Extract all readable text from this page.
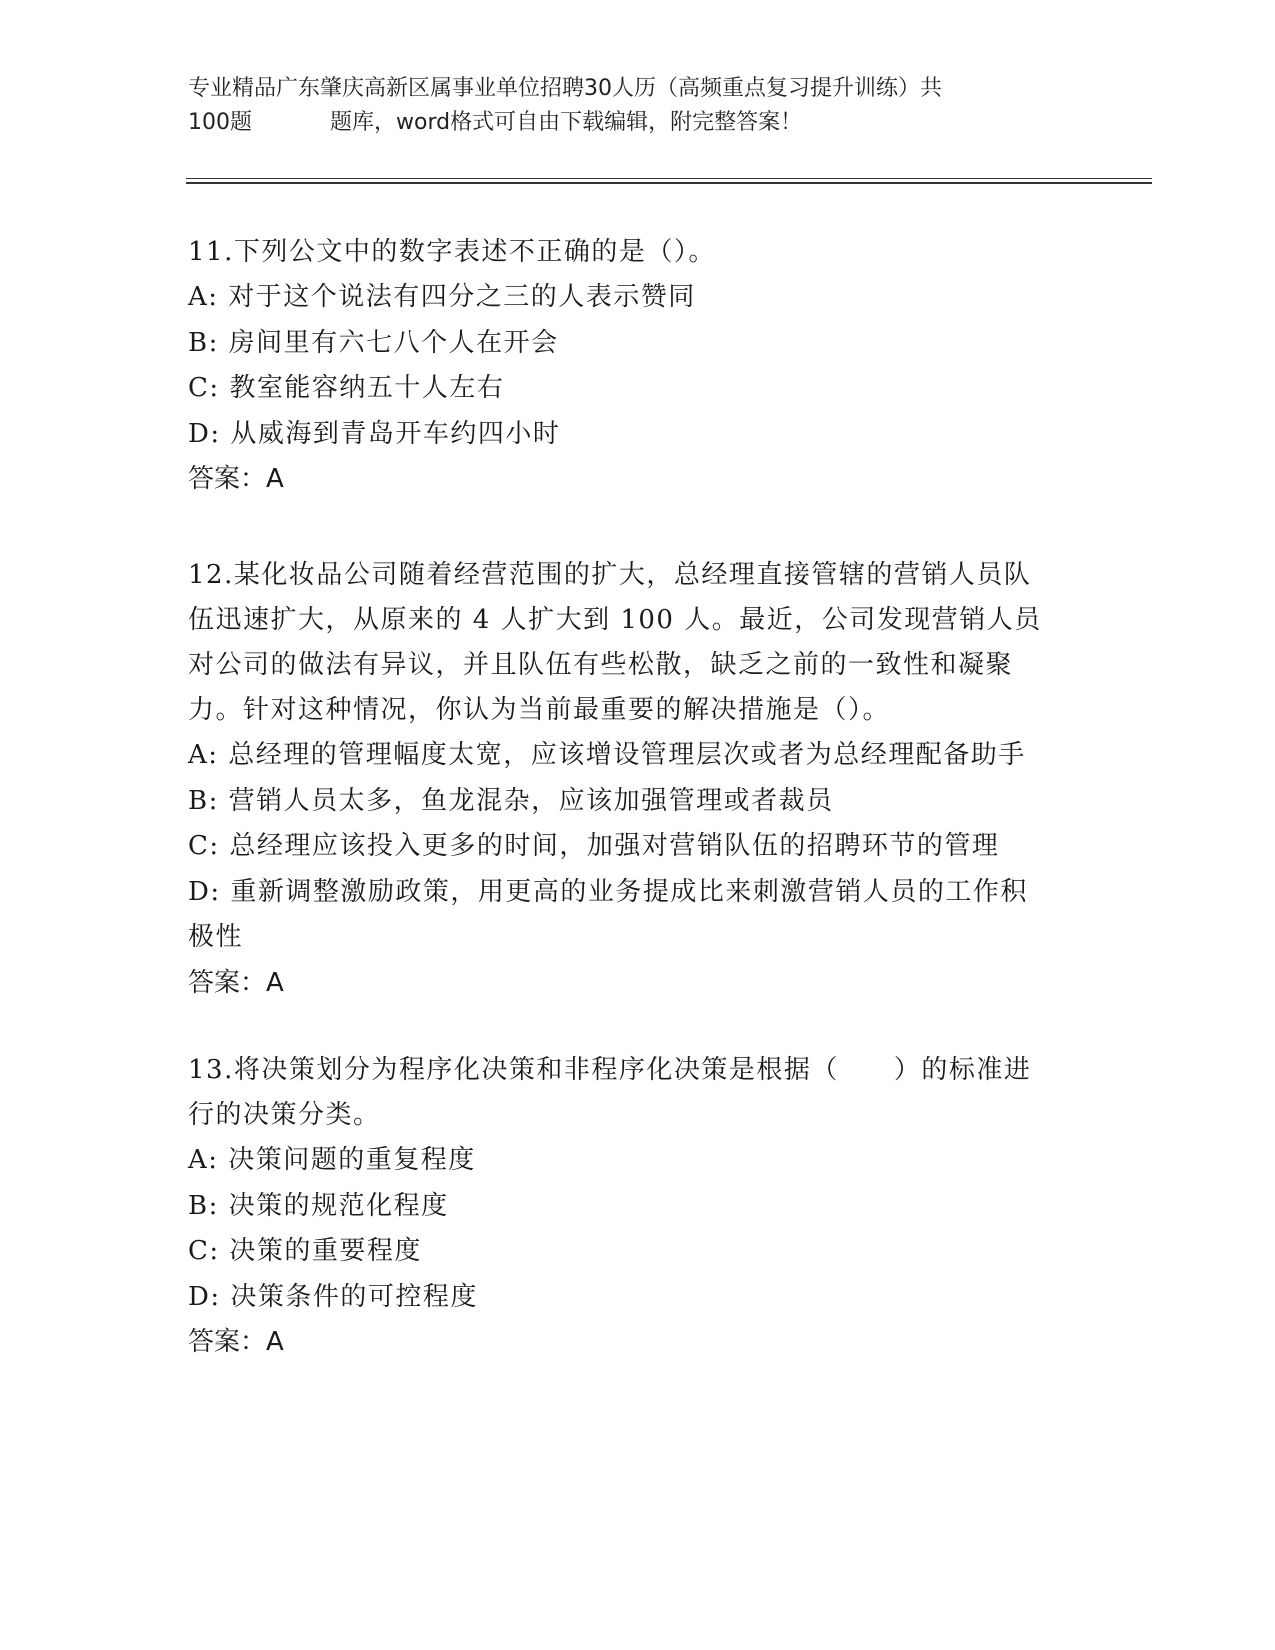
专业精品广东肇庆高新区属事业单位招聘30人历（高频重点复习提升训练）共
100题	题库，word格式可自由下载编辑，附完整答案！

11.下列公文中的数字表述不正确的是（）。

A: 对于这个说法有四分之三的人表示赞同
B: 房间里有六七八个人在开会
C: 教室能容纳五十人左右
D: 从威海到青岛开车约四小时
答案：A

12.某化妆品公司随着经营范围的扩大，总经理直接管辖的营销人员队伍迅速扩大，从原来的 4 人扩大到 100 人。最近，公司发现营销人员对公司的做法有异议，并且队伍有些松散，缺乏之前的一致性和凝聚力。针对这种情况，你认为当前最重要的解决措施是（）。

A: 总经理的管理幅度太宽，应该增设管理层次或者为总经理配备助手
B: 营销人员太多，鱼龙混杂，应该加强管理或者裁员
C: 总经理应该投入更多的时间，加强对营销队伍的招聘环节的管理
D: 重新调整激励政策，用更高的业务提成比来刺激营销人员的工作积极性
答案：A

13.将决策划分为程序化决策和非程序化决策是根据（　　）的标准进行的决策分类。

A: 决策问题的重复程度
B: 决策的规范化程度
C: 决策的重要程度
D: 决策条件的可控程度
答案：A
